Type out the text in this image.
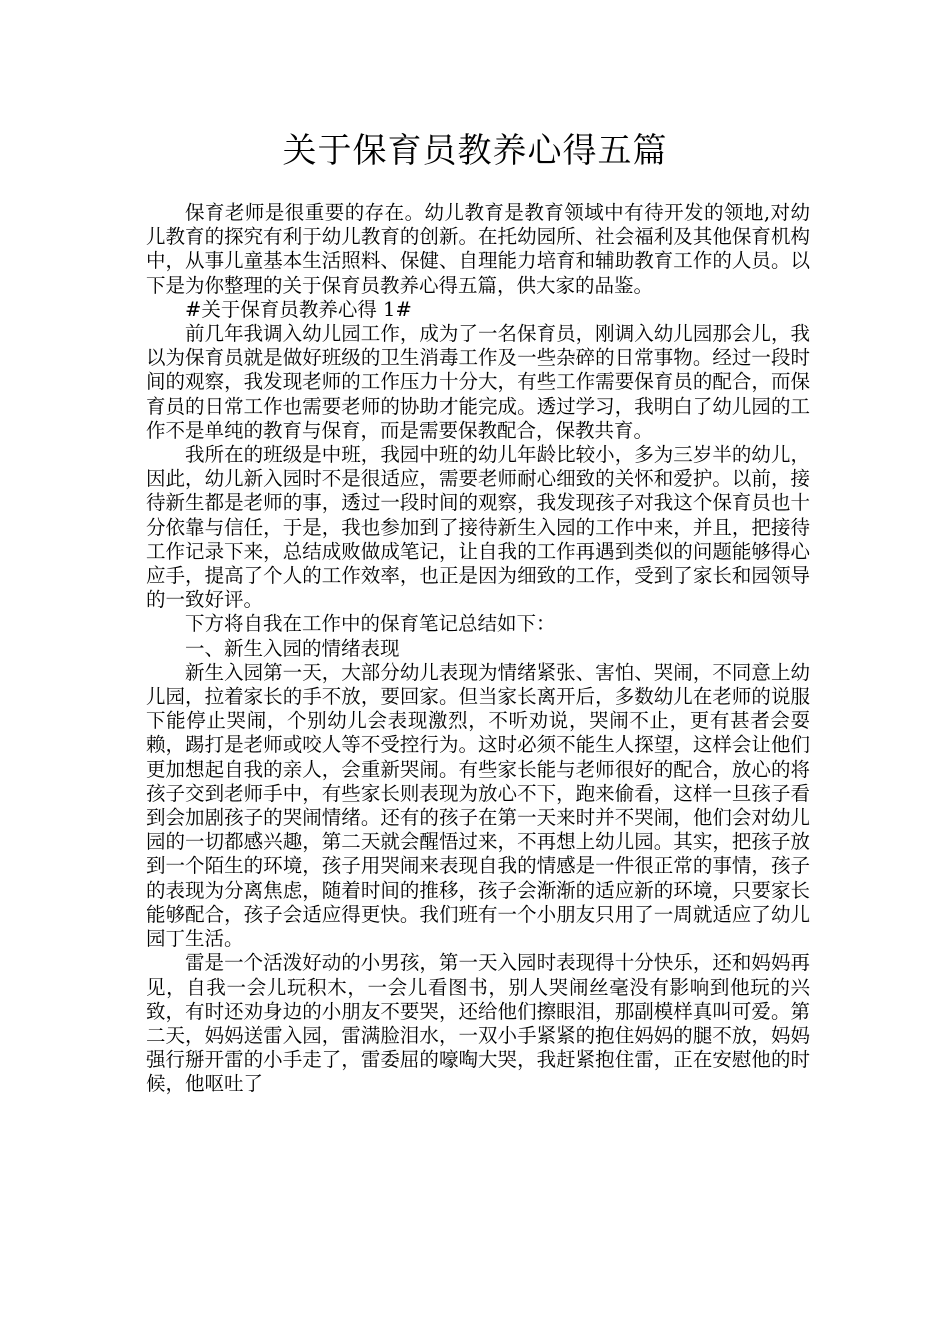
关于保育员教养心得五篇

保育老师是很重要的存在。幼儿教育是教育领域中有待开发的领地,对幼儿教育的探究有利于幼儿教育的创新。在托幼园所、社会福利及其他保育机构中，从事儿童基本生活照料、保健、自理能力培育和辅助教育工作的人员。以下是为你整理的关于保育员教养心得五篇，供大家的品鉴。

#关于保育员教养心得 1#

前几年我调入幼儿园工作，成为了一名保育员，刚调入幼儿园那会儿，我以为保育员就是做好班级的卫生消毒工作及一些杂碎的日常事物。经过一段时间的观察，我发现老师的工作压力十分大，有些工作需要保育员的配合，而保育员的日常工作也需要老师的协助才能完成。透过学习，我明白了幼儿园的工作不是单纯的教育与保育，而是需要保教配合，保教共育。

我所在的班级是中班，我园中班的幼儿年龄比较小，多为三岁半的幼儿，因此，幼儿新入园时不是很适应，需要老师耐心细致的关怀和爱护。以前，接待新生都是老师的事，透过一段时间的观察，我发现孩子对我这个保育员也十分依靠与信任，于是，我也参加到了接待新生入园的工作中来，并且，把接待工作记录下来，总结成败做成笔记，让自我的工作再遇到类似的问题能够得心应手，提高了个人的工作效率，也正是因为细致的工作，受到了家长和园领导的一致好评。

下方将自我在工作中的保育笔记总结如下：

一、新生入园的情绪表现

新生入园第一天，大部分幼儿表现为情绪紧张、害怕、哭闹，不同意上幼儿园，拉着家长的手不放，要回家。但当家长离开后，多数幼儿在老师的说服下能停止哭闹，个别幼儿会表现激烈，不听劝说，哭闹不止，更有甚者会耍赖，踢打是老师或咬人等不受控行为。这时必须不能生人探望，这样会让他们更加想起自我的亲人，会重新哭闹。有些家长能与老师很好的配合，放心的将孩子交到老师手中，有些家长则表现为放心不下，跑来偷看，这样一旦孩子看到会加剧孩子的哭闹情绪。还有的孩子在第一天来时并不哭闹，他们会对幼儿园的一切都感兴趣，第二天就会醒悟过来，不再想上幼儿园。其实，把孩子放到一个陌生的环境，孩子用哭闹来表现自我的情感是一件很正常的事情，孩子的表现为分离焦虑，随着时间的推移，孩子会渐渐的适应新的环境，只要家长能够配合，孩子会适应得更快。我们班有一个小朋友只用了一周就适应了幼儿园丁生活。

雷是一个活泼好动的小男孩，第一天入园时表现得十分快乐，还和妈妈再见，自我一会儿玩积木，一会儿看图书，别人哭闹丝毫没有影响到他玩的兴致，有时还劝身边的小朋友不要哭，还给他们擦眼泪，那副模样真叫可爱。第二天，妈妈送雷入园，雷满脸泪水，一双小手紧紧的抱住妈妈的腿不放，妈妈强行掰开雷的小手走了，雷委屈的嚎啕大哭，我赶紧抱住雷，正在安慰他的时候，他呕吐了
